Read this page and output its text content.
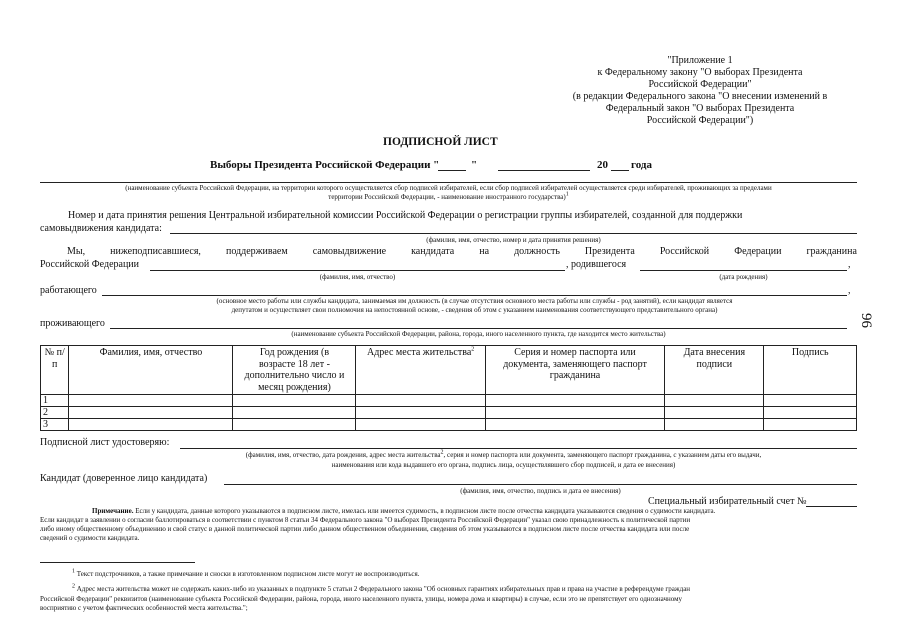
"Приложение 1
к Федеральному закону "О выборах Президента
Российской Федерации"
(в редакции Федерального закона "О внесении изменений в
Федеральный закон "О выборах Президента
Российской Федерации")
ПОДПИСНОЙ ЛИСТ
Выборы Президента Российской Федерации "	"	20 года
(наименование субъекта Российской Федерации, на территории которого осуществляется сбор подписей избирателей, если сбор подписей избирателей осуществляется среди избирателей, проживающих за пределами
территории Российской Федерации, - наименование иностранного государства)$^1$
Номер и дата принятия решения Центральной избирательной комиссии Российской Федерации о регистрации группы избирателей, созданной для поддержки
самовыдвижения кандидата:
(фамилия, имя, отчество, номер и дата принятия решения)
Мы,	нижеподписавшиеся,	поддерживаем	самовыдвижение	кандидата	на	должность	Президента	Российской	Федерации	гражданина
Российской Федерации	, родившегося	,
(фамилия, имя, отчество)	(дата рождения)
работающего	,
(основное место работы или службы кандидата, занимаемая им должность (в случае отсутствия основного места работы или службы - род занятий), если кандидат является
депутатом и осуществляет свои полномочия на непостоянной основе, - сведения об этом с указанием наименования соответствующего представительного органа)
проживающего
(наименование субъекта Российской Федерации, района, города, иного населенного пункта, где находится место жительства)
96
№ п/п	Фамилия, имя, отчество	Год рождения (в возрасте 18 лет - дополнительно число и месяц рождения)	Адрес места жительства$^2$	Серия и номер паспорта или документа, заменяющего паспорт гражданина	Дата внесения подписи	Подпись
1						
2						
3						
Подписной лист удостоверяю:
(фамилия, имя, отчество, дата рождения, адрес места жительства$^2$, серия и номер паспорта или документа, заменяющего паспорт гражданина, с указанием даты его выдачи,
наименования или кода выдавшего его органа, подпись лица, осуществлявшего сбор подписей, и дата ее внесения)
Кандидат (доверенное лицо кандидата)
(фамилия, имя, отчество, подпись и дата ее внесения)
Специальный избирательный счет №
Примечание. Если у кандидата, данные которого указываются в подписном листе, имелась или имеется судимость, в подписном листе после отчества кандидата указываются сведения о судимости кандидата.
Если кандидат в заявлении о согласии баллотироваться в соответствии с пунктом 8 статьи 34 Федерального закона "О выборах Президента Российской Федерации" указал свою принадлежность к политической партии
либо иному общественному объединению и свой статус в данной политической партии либо данном общественном объединении, сведения об этом указываются в подписном листе после отчества кандидата или после
сведений о судимости кандидата.
$^1$ Текст подстрочников, а также примечание и сноски в изготовленном подписном листе могут не воспроизводиться.
$^2$ Адрес места жительства может не содержать каких-либо из указанных в подпункте 5 статьи 2 Федерального закона "Об основных гарантиях избирательных прав и права на участие в референдуме граждан
Российской Федерации" реквизитов (наименование субъекта Российской Федерации, района, города, иного населенного пункта, улицы, номера дома и квартиры) в случае, если это не препятствует его однозначному
восприятию с учетом фактических особенностей места жительства.";
